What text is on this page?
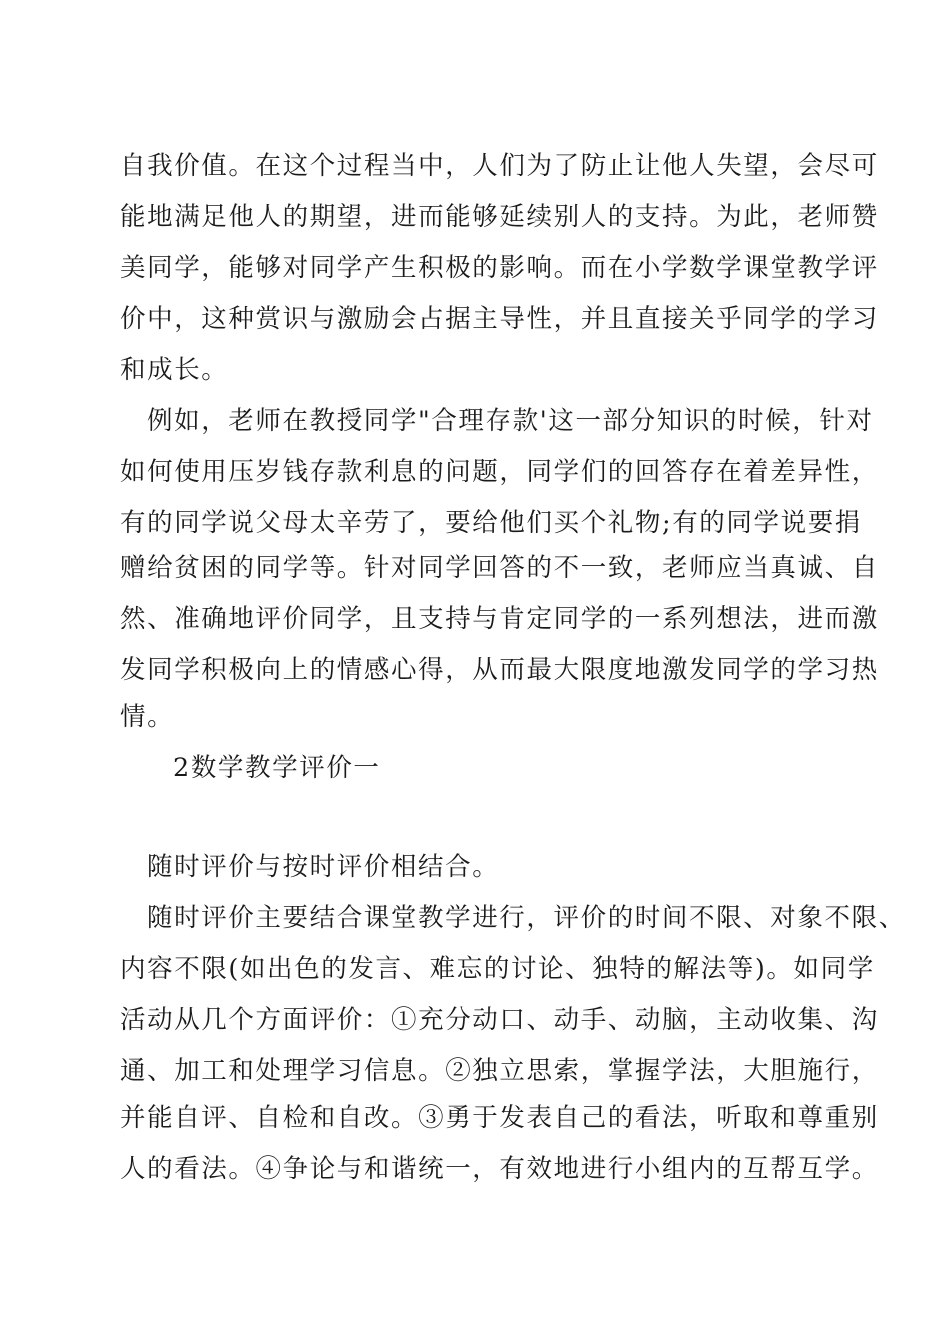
自我价值。在这个过程当中，人们为了防止让他人失望，会尽可
能地满足他人的期望，进而能够延续别人的支持。为此，老师赞
美同学，能够对同学产生积极的影响。而在小学数学课堂教学评
价中，这种赏识与激励会占据主导性，并且直接关乎同学的学习
和成长。
例如，老师在教授同学"合理存款'这一部分知识的时候，针对
如何使用压岁钱存款利息的问题，同学们的回答存在着差异性，
有的同学说父母太辛劳了，要给他们买个礼物;有的同学说要捐
赠给贫困的同学等。针对同学回答的不一致，老师应当真诚、自
然、准确地评价同学，且支持与肯定同学的一系列想法，进而激
发同学积极向上的情感心得，从而最大限度地激发同学的学习热
情。
2数学教学评价一
随时评价与按时评价相结合。
随时评价主要结合课堂教学进行，评价的时间不限、对象不限、
内容不限(如出色的发言、难忘的讨论、独特的解法等)。如同学
活动从几个方面评价：①充分动口、动手、动脑，主动收集、沟
通、加工和处理学习信息。②独立思索，掌握学法，大胆施行，
并能自评、自检和自改。③勇于发表自己的看法，听取和尊重别
人的看法。④争论与和谐统一，有效地进行小组内的互帮互学。
